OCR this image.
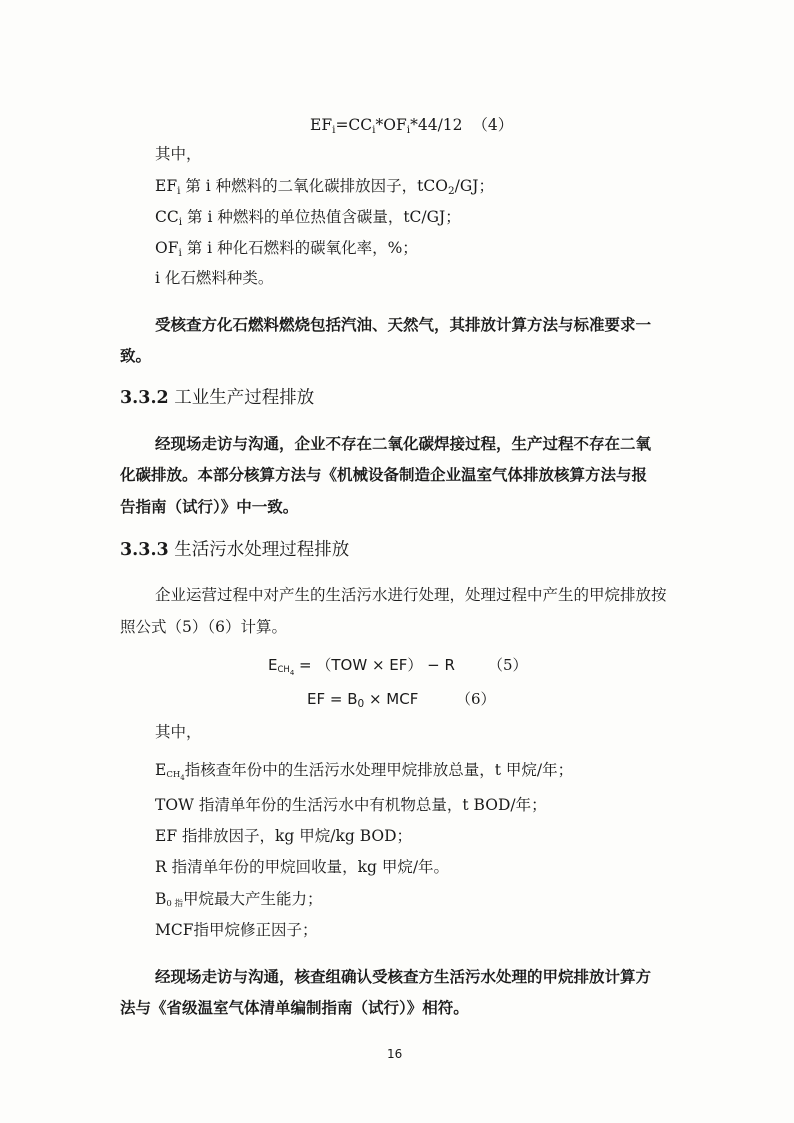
$EF_i=CC_i*OF_i*44/12$ （4）
其中，
$EF_i$ 第 i 种燃料的二氧化碳排放因子，tCO$_2$/GJ；
$CC_i$ 第 i 种燃料的单位热值含碳量，tC/GJ；
$OF_i$ 第 i 种化石燃料的碳氧化率，%；
i 化石燃料种类。
受核查方化石燃料燃烧包括汽油、天然气，其排放计算方法与标准要求一
致。
3.3.2 工业生产过程排放
经现场走访与沟通，企业不存在二氧化碳焊接过程，生产过程不存在二氧
化碳排放。本部分核算方法与《机械设备制造企业温室气体排放核算方法与报
告指南（试行）》中一致。
3.3.3 生活污水处理过程排放
企业运营过程中对产生的生活污水进行处理，处理过程中产生的甲烷排放按
照公式（5）（6）计算。
$ECH_4 = (TOW \times EF) - R$ （5）
EF = $B_0$ × MCF	（6）
其中，
$ECH_4$指核查年份中的生活污水处理甲烷排放总量，t 甲烷/年；
TOW 指清单年份的生活污水中有机物总量，t BOD/年；
EF 指排放因子，kg 甲烷/kg BOD；
R 指清单年份的甲烷回收量，kg 甲烷/年。
B0 指甲烷最大产生能力；
MCF指甲烷修正因子；
经现场走访与沟通，核查组确认受核查方生活污水处理的甲烷排放计算方
法与《省级温室气体清单编制指南（试行）》相符。
16
